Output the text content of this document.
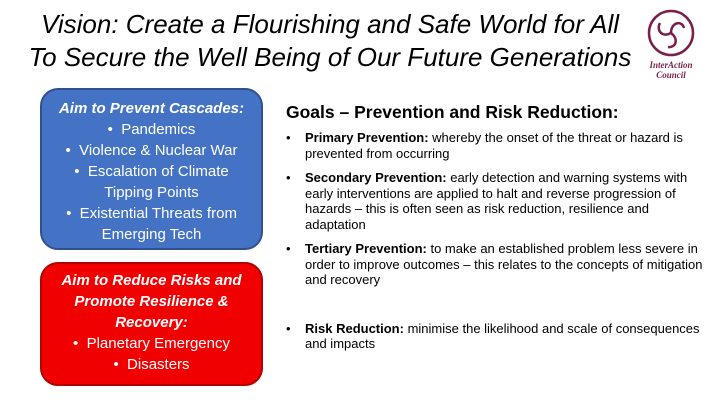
Vision: Create a Flourishing and Safe World for All
To Secure the Well Being of Our Future Generations	InterAction
Council
Aim to Prevent Cascades:
•  Pandemics
•  Violence & Nuclear War
•  Escalation of Climate Tipping Points
•  Existential Threats from Emerging Tech
Aim to Reduce Risks and Promote Resilience & Recovery:
•  Planetary Emergency
•  Disasters
Goals – Prevention and Risk Reduction:
• Primary Prevention: whereby the onset of the threat or hazard is prevented from occurring
• Secondary Prevention: early detection and warning systems with early interventions are applied to halt and reverse progression of hazards – this is often seen as risk reduction, resilience and adaptation
• Tertiary Prevention: to make an established problem less severe in order to improve outcomes – this relates to the concepts of mitigation and recovery
• Risk Reduction: minimise the likelihood and scale of consequences and impacts
